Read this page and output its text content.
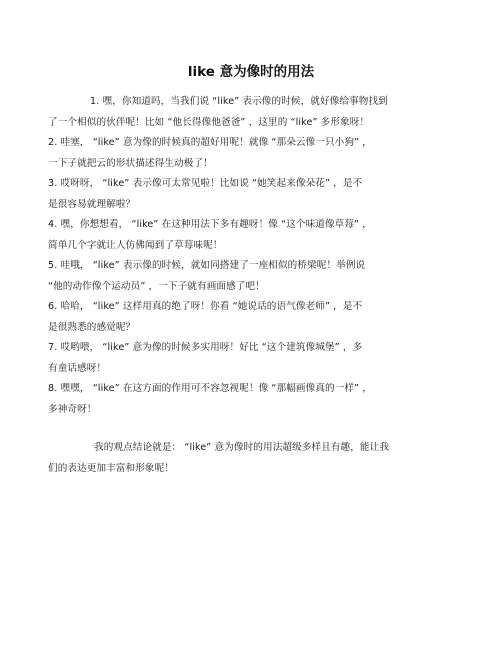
like 意为像时的用法
1. 嘿，你知道吗，当我们说 “like” 表示像的时候，就好像给事物找到
了一个相似的伙伴呢！比如 “他长得像他爸爸” ，这里的 “like” 多形象呀！
2. 哇塞， “like” 意为像的时候真的超好用呢！就像 “那朵云像一只小狗” ，
一下子就把云的形状描述得生动极了！
3. 哎呀呀， “like” 表示像可太常见啦！比如说 “她笑起来像朵花” ，是不
是很容易就理解啦？
4. 嘿，你想想看， “like” 在这种用法下多有趣呀！像 “这个味道像草莓” ，
简单几个字就让人仿佛闻到了草莓味呢！
5. 哇哦， “like” 表示像的时候，就如同搭建了一座相似的桥梁呢！举例说
“他的动作像个运动员” ，一下子就有画面感了吧！
6. 哈哈， “like” 这样用真的绝了呀！你看 “她说话的语气像老师” ，是不
是很熟悉的感觉呢？
7. 哎哟喂， “like” 意为像的时候多实用呀！好比 “这个建筑像城堡” ，多
有童话感呀！
8. 嘿嘿， “like” 在这方面的作用可不容忽视呢！像 “那幅画像真的一样” ，
多神奇呀！
我的观点结论就是： “like” 意为像时的用法超级多样且有趣，能让我
们的表达更加丰富和形象呢！
